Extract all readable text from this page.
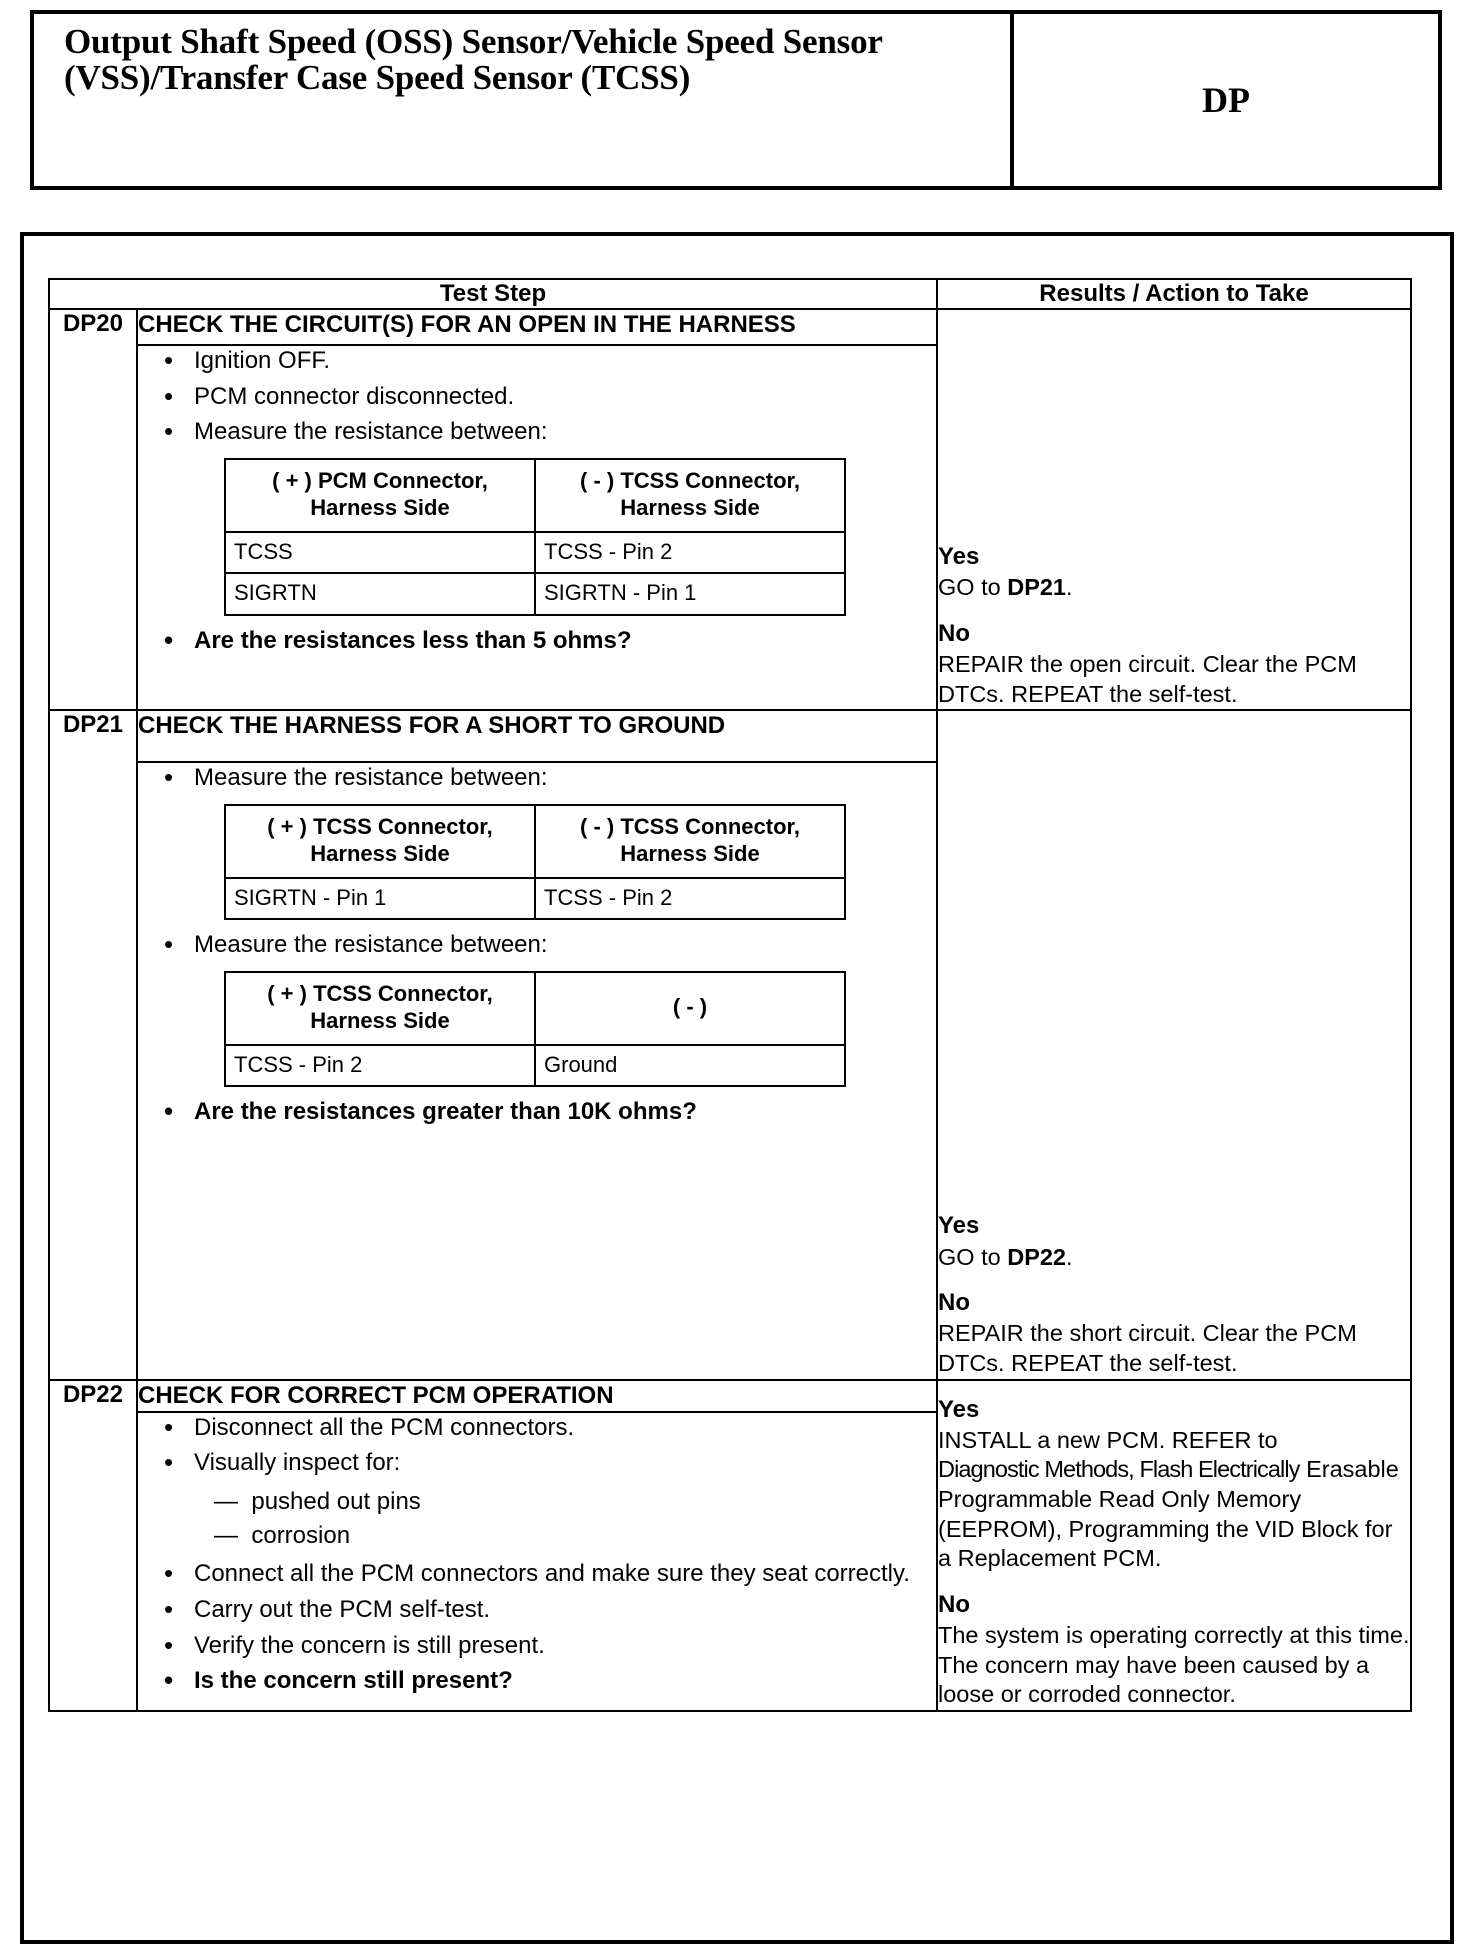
Output Shaft Speed (OSS) Sensor/Vehicle Speed Sensor (VSS)/Transfer Case Speed Sensor (TCSS)
DP
Test Step	Results / Action to Take
DP20	CHECK THE CIRCUIT(S) FOR AN OPEN IN THE HARNESS	
Yes
GO to DP21.
No
REPAIR the open circuit. Clear the PCM DTCs. REPEAT the self-test.

• Ignition OFF.
• PCM connector disconnected.
• Measure the resistance between:
( + ) PCM Connector, Harness Side	( - ) TCSS Connector, Harness Side
TCSS	TCSS - Pin 2
SIGRTN	SIGRTN - Pin 1
• Are the resistances less than 5 ohms?

DP21	CHECK THE HARNESS FOR A SHORT TO GROUND	
Yes
GO to DP22.
No
REPAIR the short circuit. Clear the PCM DTCs. REPEAT the self-test.

• Measure the resistance between:
( + ) TCSS Connector, Harness Side	( - ) TCSS Connector, Harness Side
SIGRTN - Pin 1	TCSS - Pin 2
• Measure the resistance between:
( + ) TCSS Connector, Harness Side	( - )
TCSS - Pin 2	Ground
• Are the resistances greater than 10K ohms?

DP22	CHECK FOR CORRECT PCM OPERATION	
Yes
INSTALL a new PCM. REFER to
Diagnostic Methods, Flash Electrically Erasable Programmable Read Only Memory (EEPROM), Programming the VID Block for a Replacement PCM.
No
The system is operating correctly at this time. The concern may have been caused by a loose or corroded connector.

• Disconnect all the PCM connectors.
• Visually inspect for:
—  pushed out pins
—  corrosion
• Connect all the PCM connectors and make sure they seat correctly.
• Carry out the PCM self-test.
• Verify the concern is still present.
• Is the concern still present?
